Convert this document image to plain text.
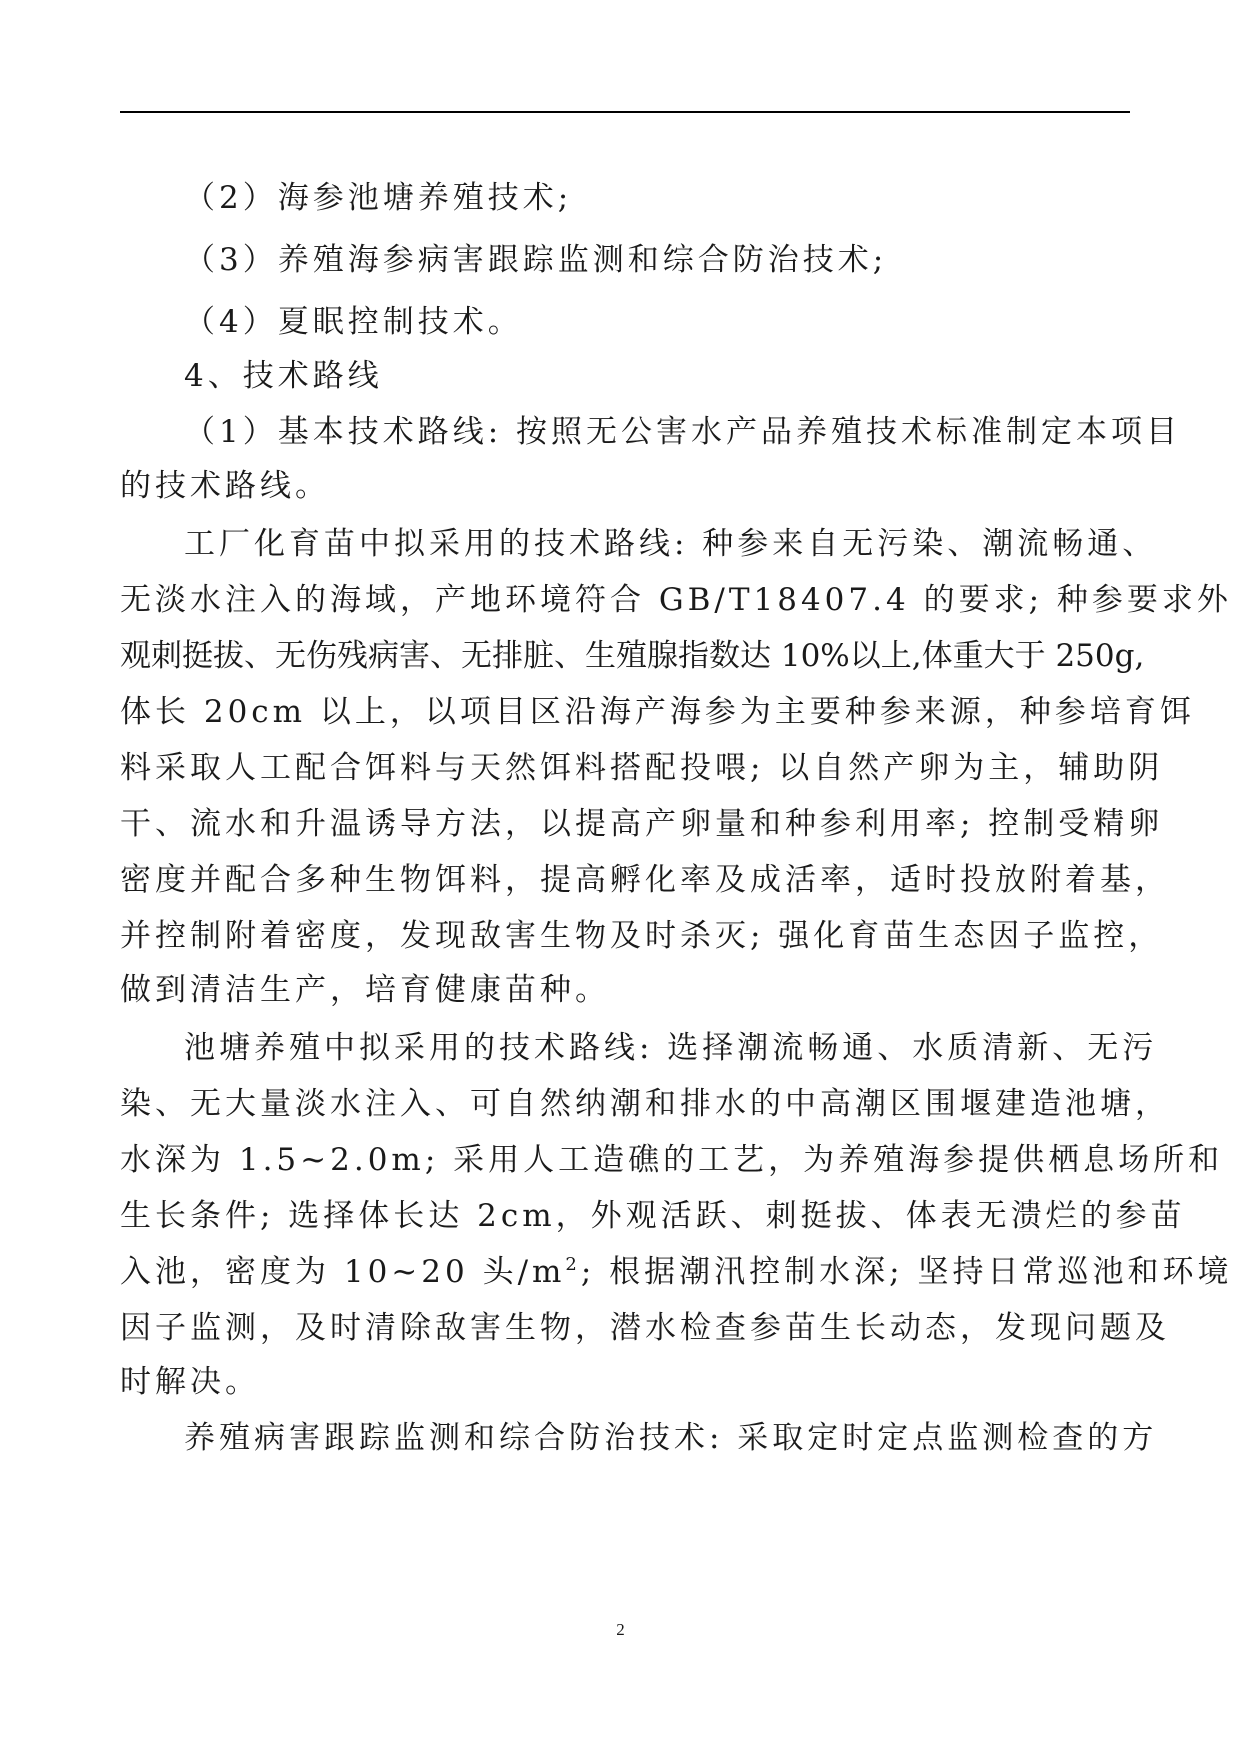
（2）海参池塘养殖技术;
（3）养殖海参病害跟踪监测和综合防治技术;
（4）夏眠控制技术。
4、技术路线
（1）基本技术路线: 按照无公害水产品养殖技术标准制定本项目
的技术路线。
工厂化育苗中拟采用的技术路线: 种参来自无污染、潮流畅通、
无淡水注入的海域，产地环境符合 GB/T18407.4 的要求; 种参要求外
观刺挺拔、无伤残病害、无排脏、生殖腺指数达 10%以上,体重大于 250g,
体长 20cm 以上，以项目区沿海产海参为主要种参来源，种参培育饵
料采取人工配合饵料与天然饵料搭配投喂; 以自然产卵为主，辅助阴
干、流水和升温诱导方法，以提高产卵量和种参利用率; 控制受精卵
密度并配合多种生物饵料，提高孵化率及成活率，适时投放附着基，
并控制附着密度，发现敌害生物及时杀灭; 强化育苗生态因子监控，
做到清洁生产，培育健康苗种。
池塘养殖中拟采用的技术路线: 选择潮流畅通、水质清新、无污
染、无大量淡水注入、可自然纳潮和排水的中高潮区围堰建造池塘，
水深为 1.5~2.0m; 采用人工造礁的工艺，为养殖海参提供栖息场所和
生长条件; 选择体长达 2cm，外观活跃、刺挺拔、体表无溃烂的参苗
入池，密度为 10~20 头$/m^2$; 根据潮汛控制水深; 坚持日常巡池和环境
因子监测，及时清除敌害生物，潜水检查参苗生长动态，发现问题及
时解决。
养殖病害跟踪监测和综合防治技术: 采取定时定点监测检查的方
2
